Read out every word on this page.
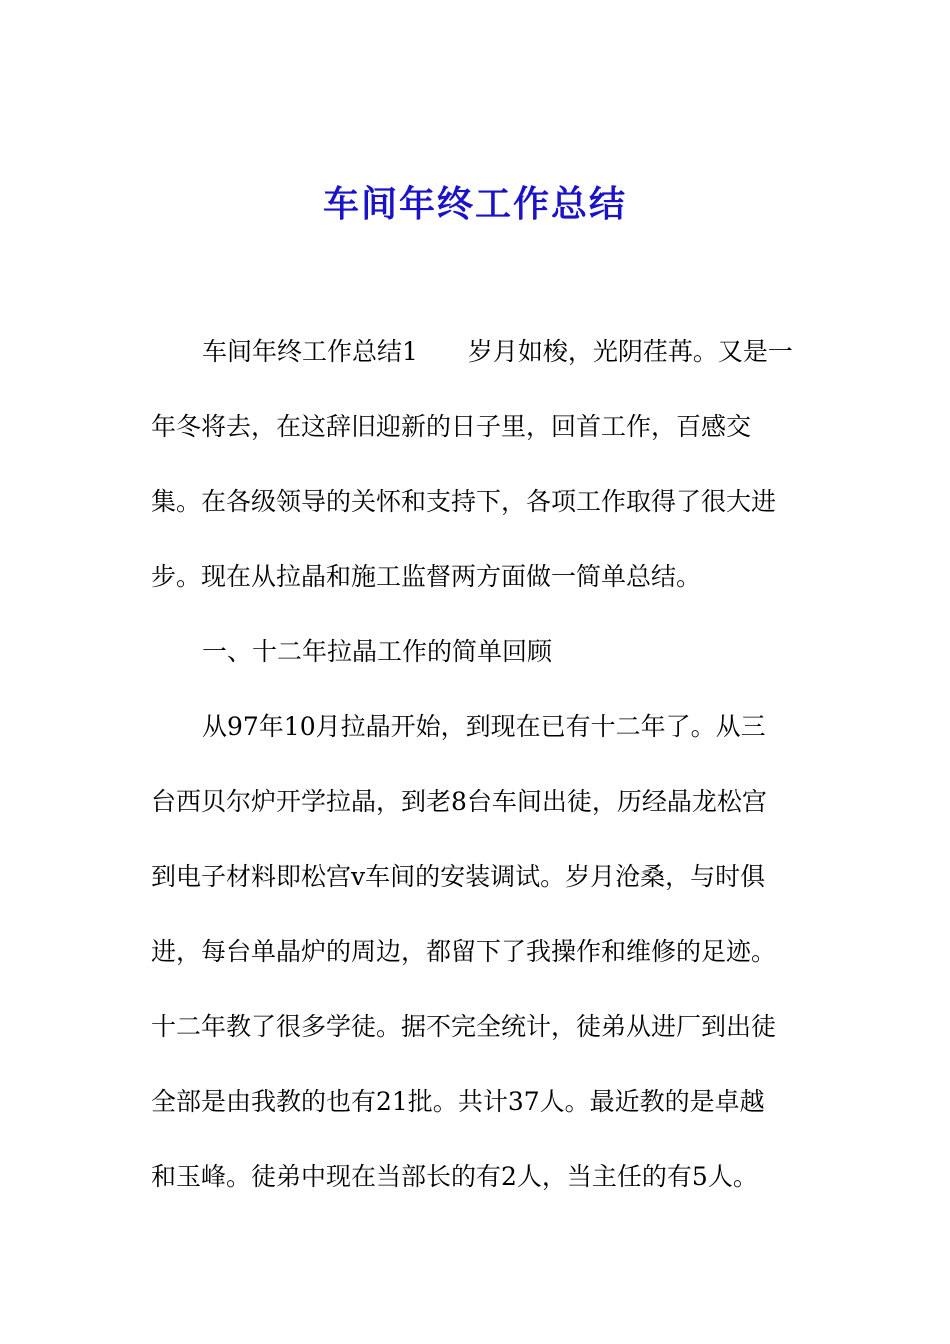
车间年终工作总结
车间年终工作总结1 岁月如梭，光阴荏苒。又是一
年冬将去，在这辞旧迎新的日子里，回首工作，百感交
集。在各级领导的关怀和支持下，各项工作取得了很大进
步。现在从拉晶和施工监督两方面做一简单总结。
一、十二年拉晶工作的简单回顾
从97年10月拉晶开始，到现在已有十二年了。从三
台西贝尔炉开学拉晶，到老8台车间出徒，历经晶龙松宫
到电子材料即松宫v车间的安装调试。岁月沧桑，与时俱
进，每台单晶炉的周边，都留下了我操作和维修的足迹。
十二年教了很多学徒。据不完全统计，徒弟从进厂到出徒
全部是由我教的也有21批。共计37人。最近教的是卓越
和玉峰。徒弟中现在当部长的有2人，当主任的有5人。
